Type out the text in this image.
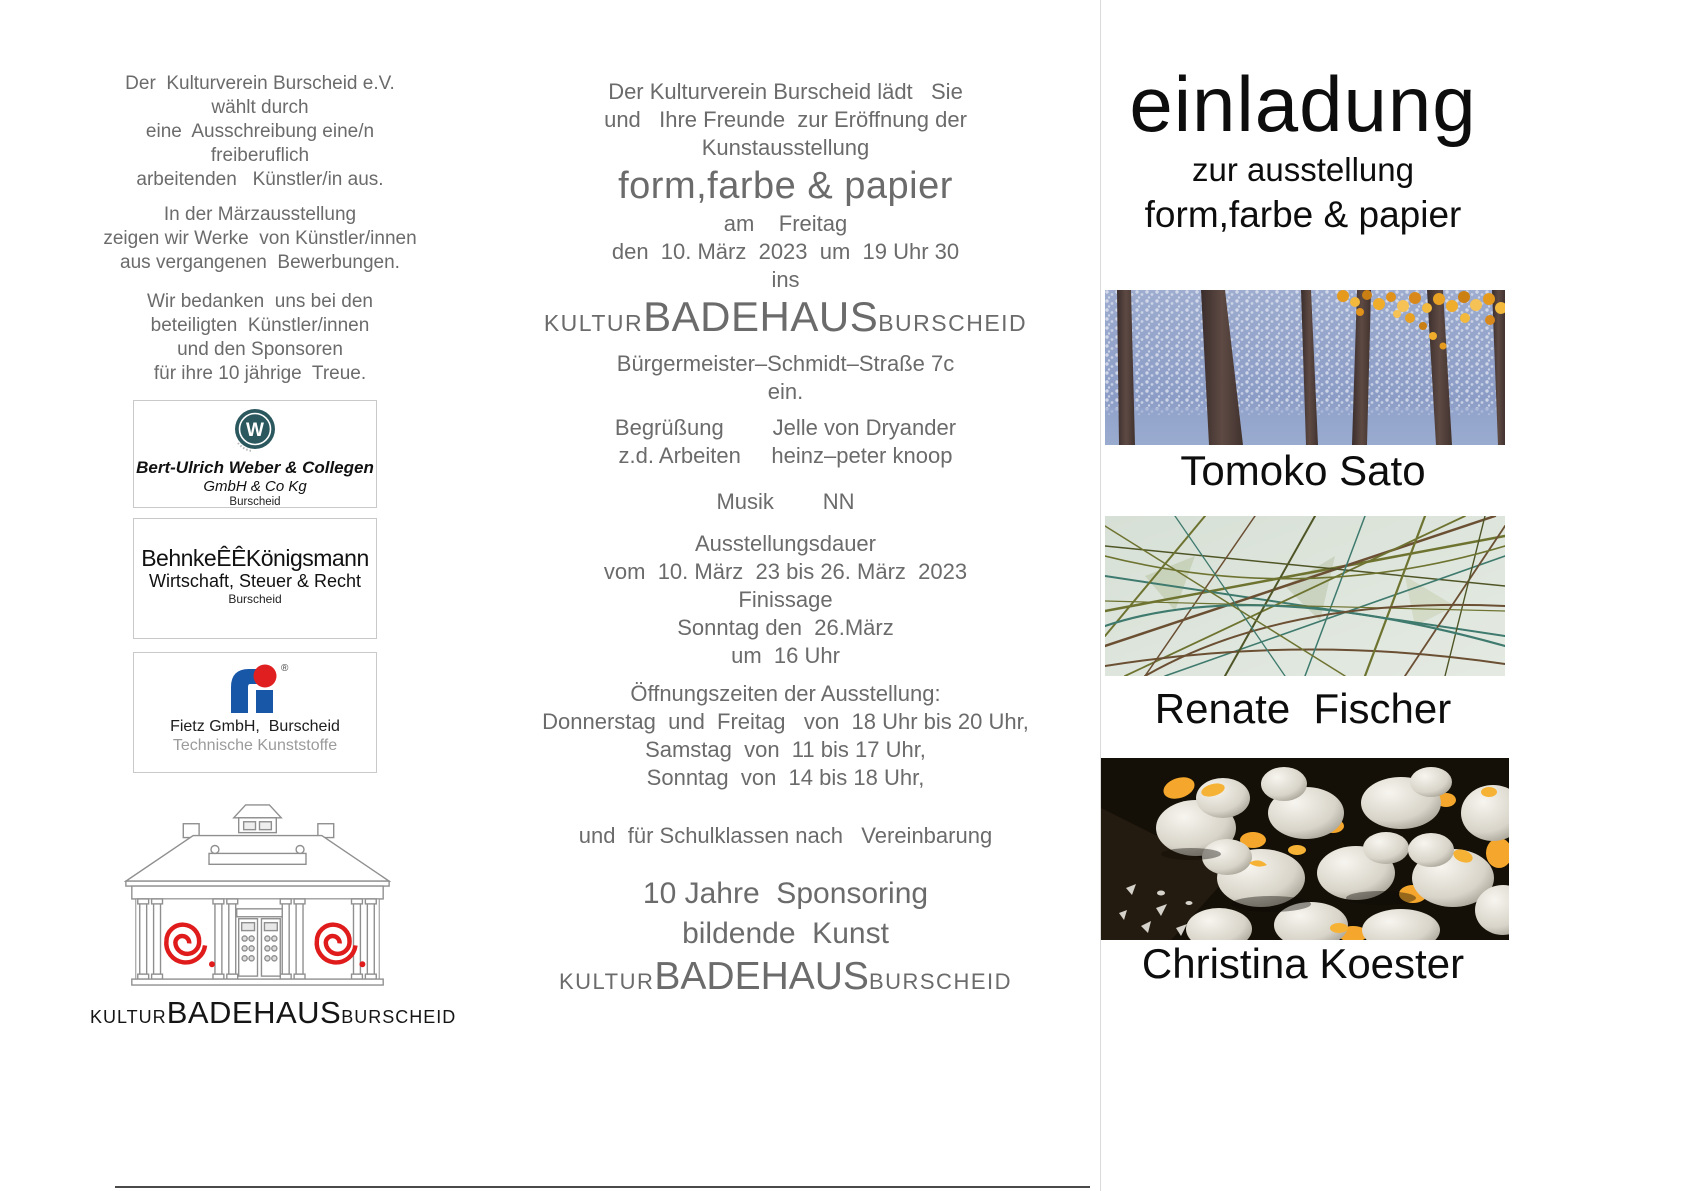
Der  Kulturverein Burscheid e.V.
wählt durch
eine  Ausschreibung eine/n
freiberuflich
arbeitenden   Künstler/in aus.
In der Märzausstellung
zeigen wir Werke  von Künstler/innen
aus vergangenen  Bewerbungen.
Wir bedanken  uns bei den
beteiligten  Künstler/innen
und den Sponsoren
für ihre 10 jährige  Treue.
W
Bert-Ulrich Weber & Collegen
GmbH & Co Kg
Burscheid
BehnkeÊÊKönigsmann
Wirtschaft, Steuer & Recht
Burscheid
®
Fietz GmbH,  Burscheid
Technische Kunststoffe
KULTURBADEHAUSBURSCHEID
Der Kulturverein Burscheid lädt   Sie
und   Ihre Freunde  zur Eröffnung der
Kunstausstellung
form,farbe & papier
am    Freitag
den  10. März  2023  um  19 Uhr 30
ins
KULTURBADEHAUSBURSCHEID
Bürgermeister–Schmidt–Straße 7c
ein.
Begrüßung        Jelle von Dryander
z.d. Arbeiten     heinz–peter knoop
Musik        NN
Ausstellungsdauer
vom  10. März  23 bis 26. März  2023
Finissage
Sonntag den  26.März
um  16 Uhr
Öffnungszeiten der Ausstellung:
Donnerstag  und  Freitag   von  18 Uhr bis 20 Uhr,
Samstag  von  11 bis 17 Uhr,
Sonntag  von  14 bis 18 Uhr,
und  für Schulklassen nach   Vereinbarung
10 Jahre  Sponsoring
bildende  Kunst
KULTURBADEHAUSBURSCHEID
einladung
zur ausstellung
form,farbe & papier
Tomoko Sato
Renate  Fischer
Christina Koester
